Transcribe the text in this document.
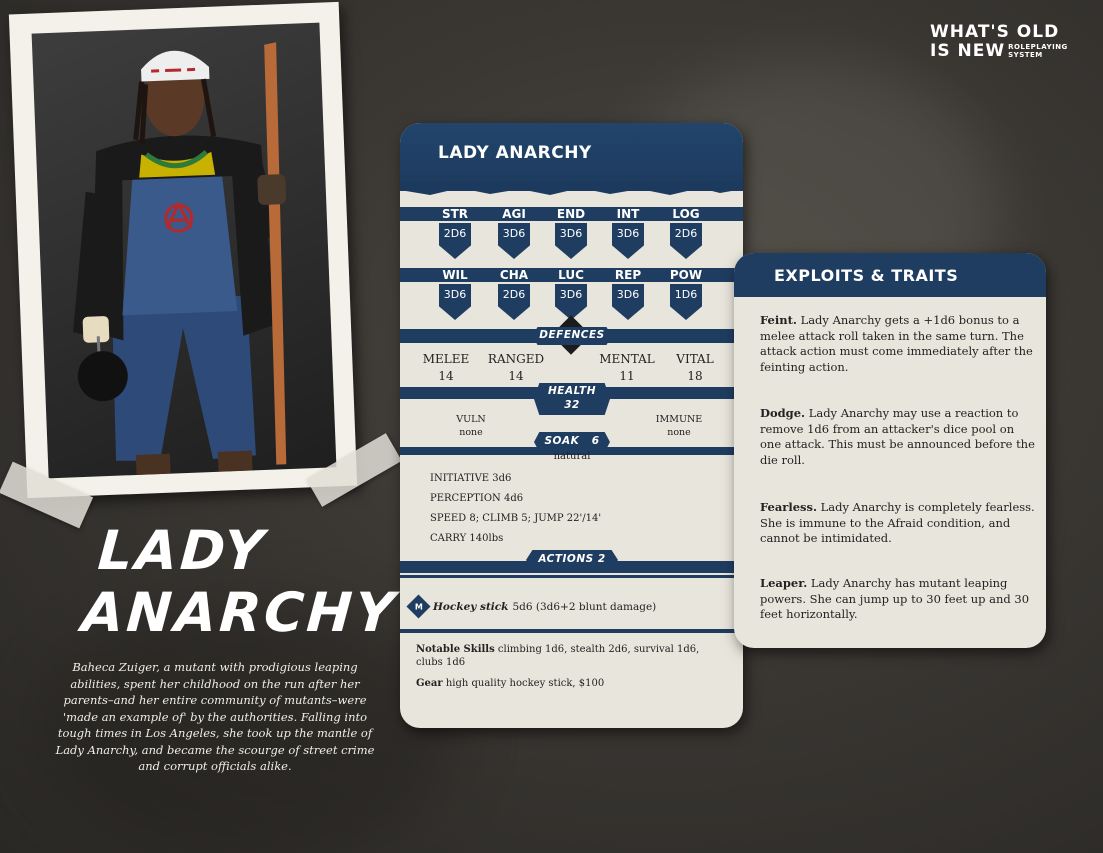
WHAT'S OLD
IS NEW ROLEPLAYING
SYSTEM
LADY
ANARCHY
Baheca Zuiger, a mutant with prodigious leaping abilities, spent her childhood on the run after her parents–and her entire community of mutants–were 'made an example of' by the authorities. Falling into tough times in Los Angeles, she took up the mantle of Lady Anarchy, and became the scourge of street crime and corrupt officials alike.
LADY ANARCHY
STR
2D6
AGI
3D6
END
3D6
INT
3D6
LOG
2D6
WIL
3D6
CHA
2D6
LUC
3D6
REP
3D6
POW
1D6
DEFENCES
MELEE
14
RANGED
14
MENTAL
11
VITAL
18
HEALTH
32
VULN
none
IMMUNE
none
SOAK 6
natural
INITIATIVE 3d6
PERCEPTION 4d6
SPEED 8; CLIMB 5; JUMP 22'/14'
CARRY 140lbs
ACTIONS 2
M Hockey stick 5d6 (3d6+2 blunt damage)
Notable Skills climbing 1d6, stealth 2d6, survival 1d6, clubs 1d6
Gear high quality hockey stick, $100
EXPLOITS & TRAITS
Feint. Lady Anarchy gets a +1d6 bonus to a melee attack roll taken in the same turn. The attack action must come immediately after the feinting action.
Dodge. Lady Anarchy may use a reaction to remove 1d6 from an attacker's dice pool on one attack. This must be announced before the die roll.
Fearless. Lady Anarchy is completely fearless. She is immune to the Afraid condition, and cannot be intimidated.
Leaper. Lady Anarchy has mutant leaping powers. She can jump up to 30 feet up and 30 feet horizontally.
